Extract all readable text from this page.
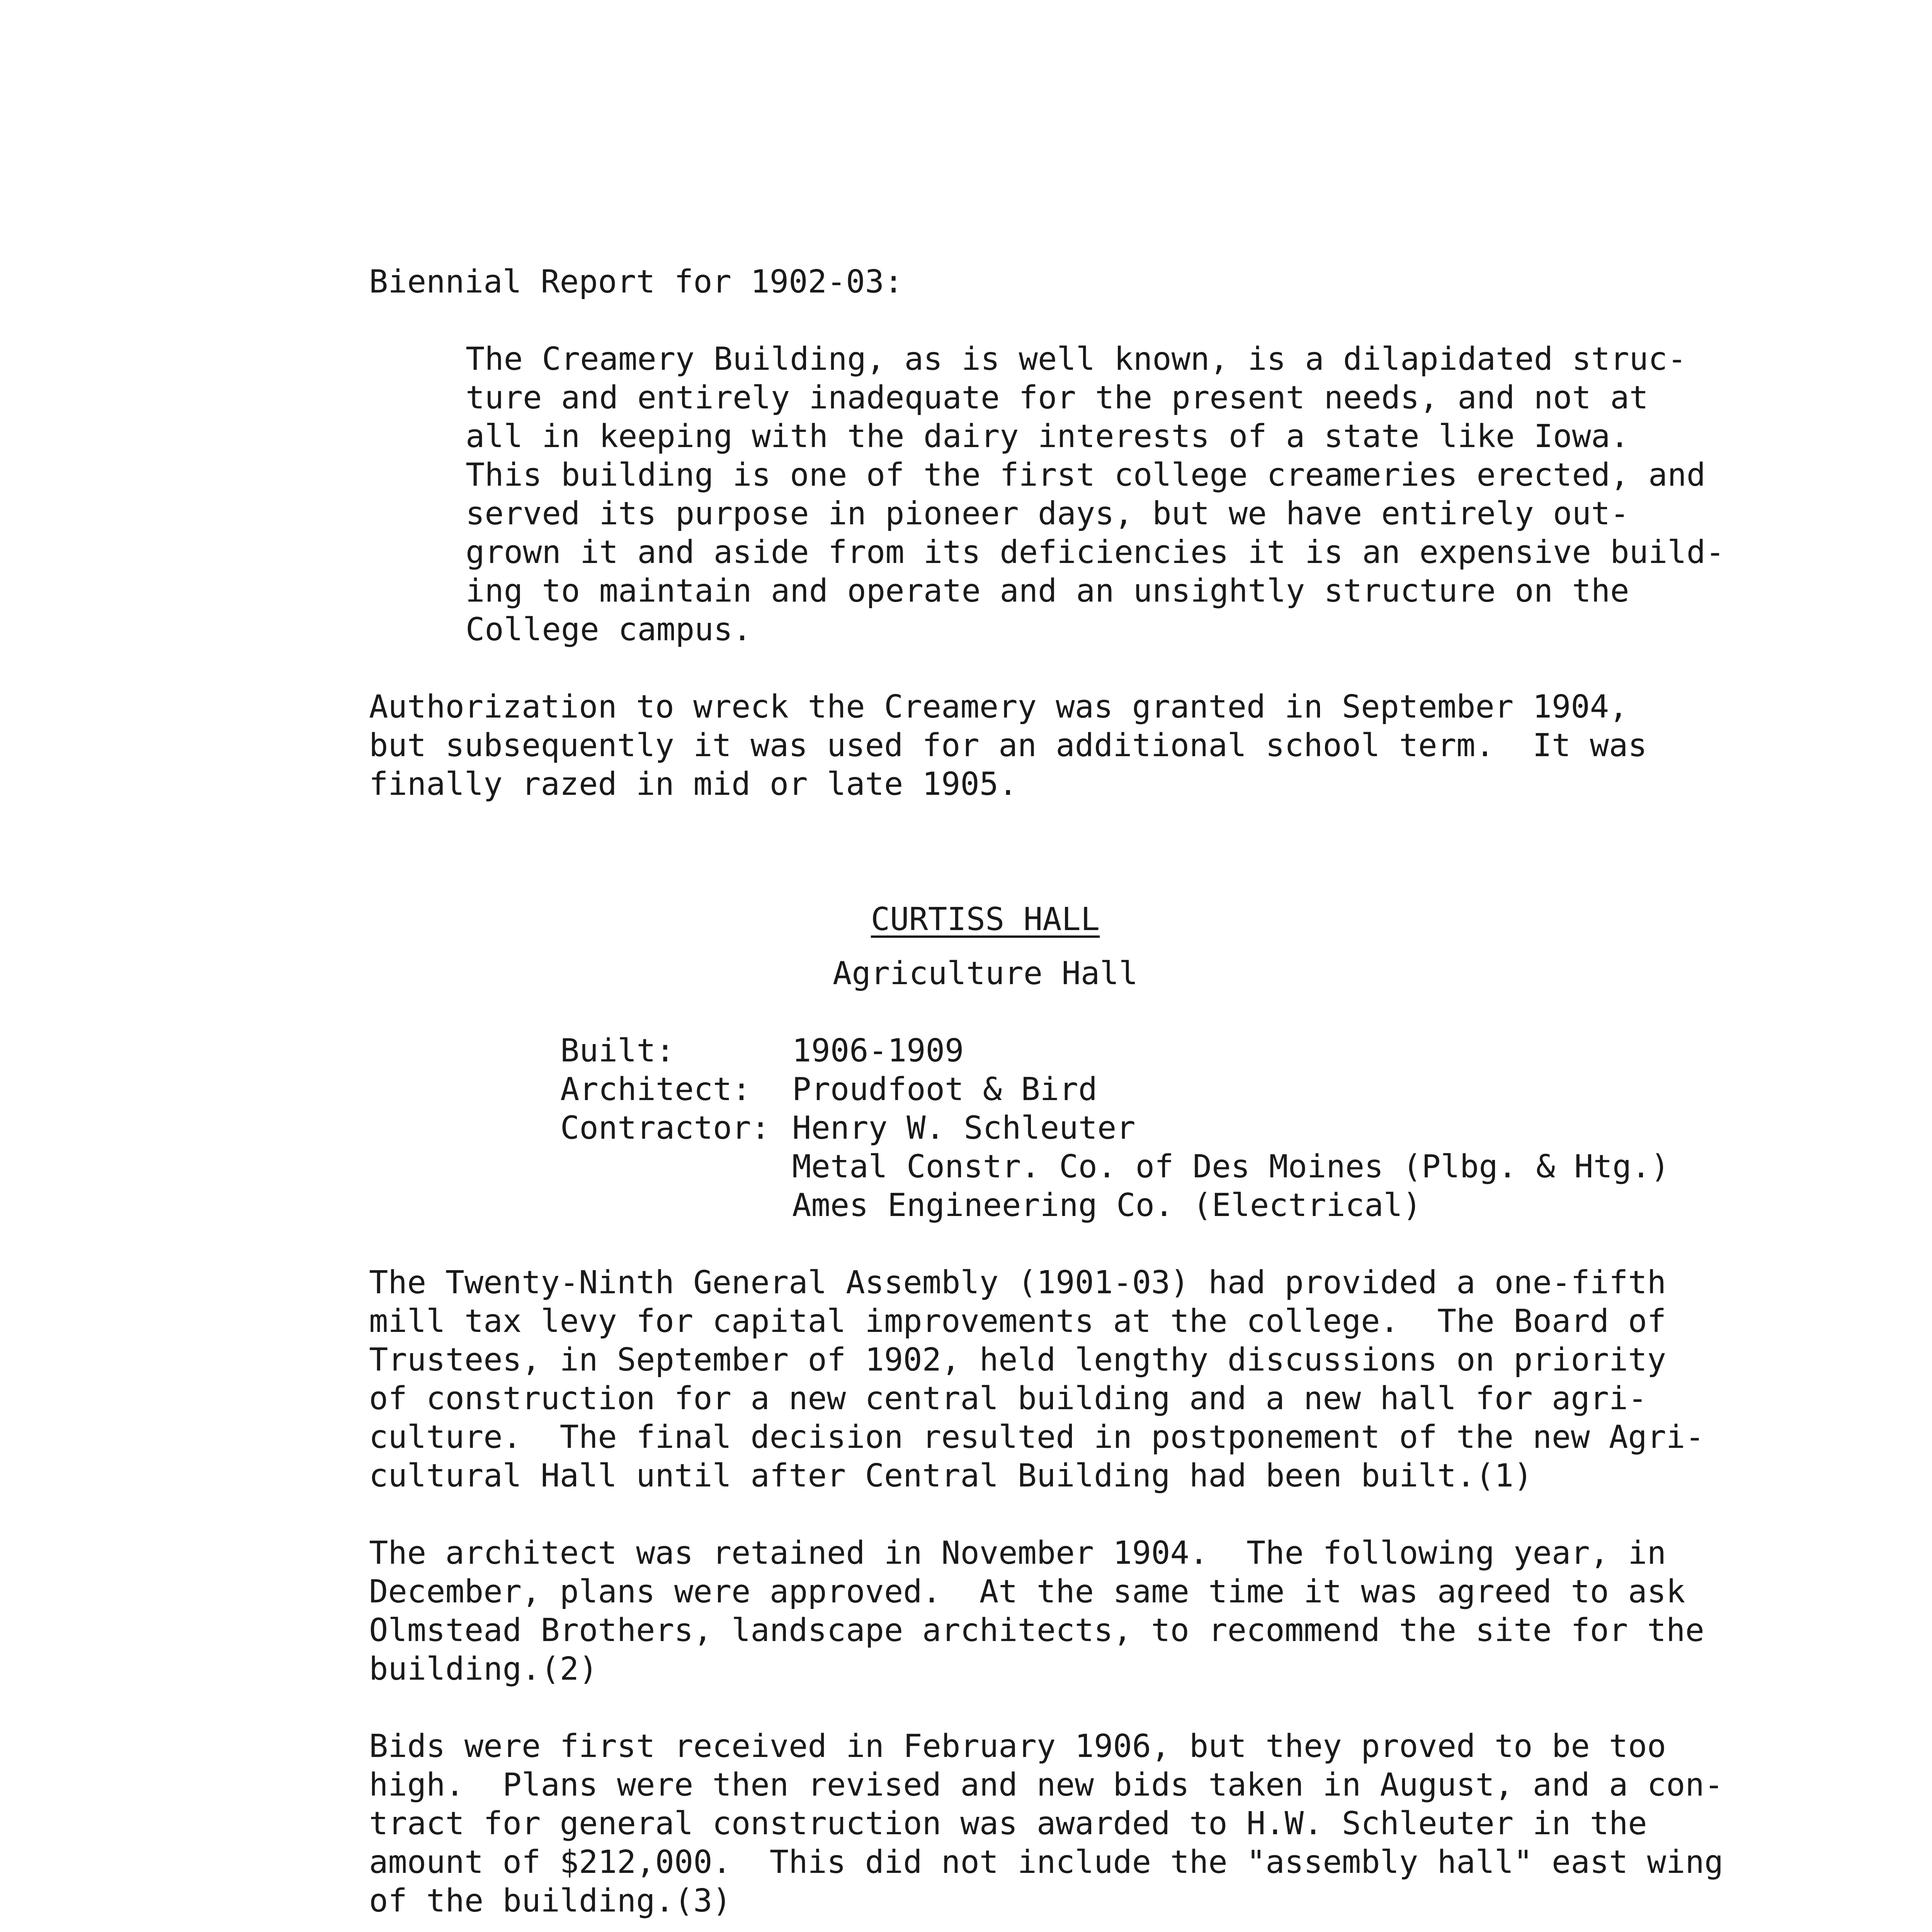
Biennial Report for 1902-03:

The Creamery Building, as is well known, is a dilapidated struc-
ture and entirely inadequate for the present needs, and not at
all in keeping with the dairy interests of a state like Iowa.
This building is one of the first college creameries erected, and
served its purpose in pioneer days, but we have entirely out-
grown it and aside from its deficiencies it is an expensive build-
ing to maintain and operate and an unsightly structure on the
College campus.
Authorization to wreck the Creamery was granted in September 1904,
but subsequently it was used for an additional school term.  It was
finally razed in mid or late 1905.

CURTISS HALL

Agriculture Hall

Built:
Architect:
Contractor:
1906-1909
Proudfoot & Bird
Henry W. Schleuter
Metal Constr. Co. of Des Moines (Plbg. & Htg.)
Ames Engineering Co. (Electrical)
The Twenty-Ninth General Assembly (1901-03) had provided a one-fifth
mill tax levy for capital improvements at the college.  The Board of
Trustees, in September of 1902, held lengthy discussions on priority
of construction for a new central building and a new hall for agri-
culture.  The final decision resulted in postponement of the new Agri-
cultural Hall until after Central Building had been built.(1)
The architect was retained in November 1904.  The following year, in
December, plans were approved.  At the same time it was agreed to ask
Olmstead Brothers, landscape architects, to recommend the site for the
building.(2)
Bids were first received in February 1906, but they proved to be too
high.  Plans were then revised and new bids taken in August, and a con-
tract for general construction was awarded to H.W. Schleuter in the
amount of $212,000.  This did not include the "assembly hall" east wing
of the building.(3)
